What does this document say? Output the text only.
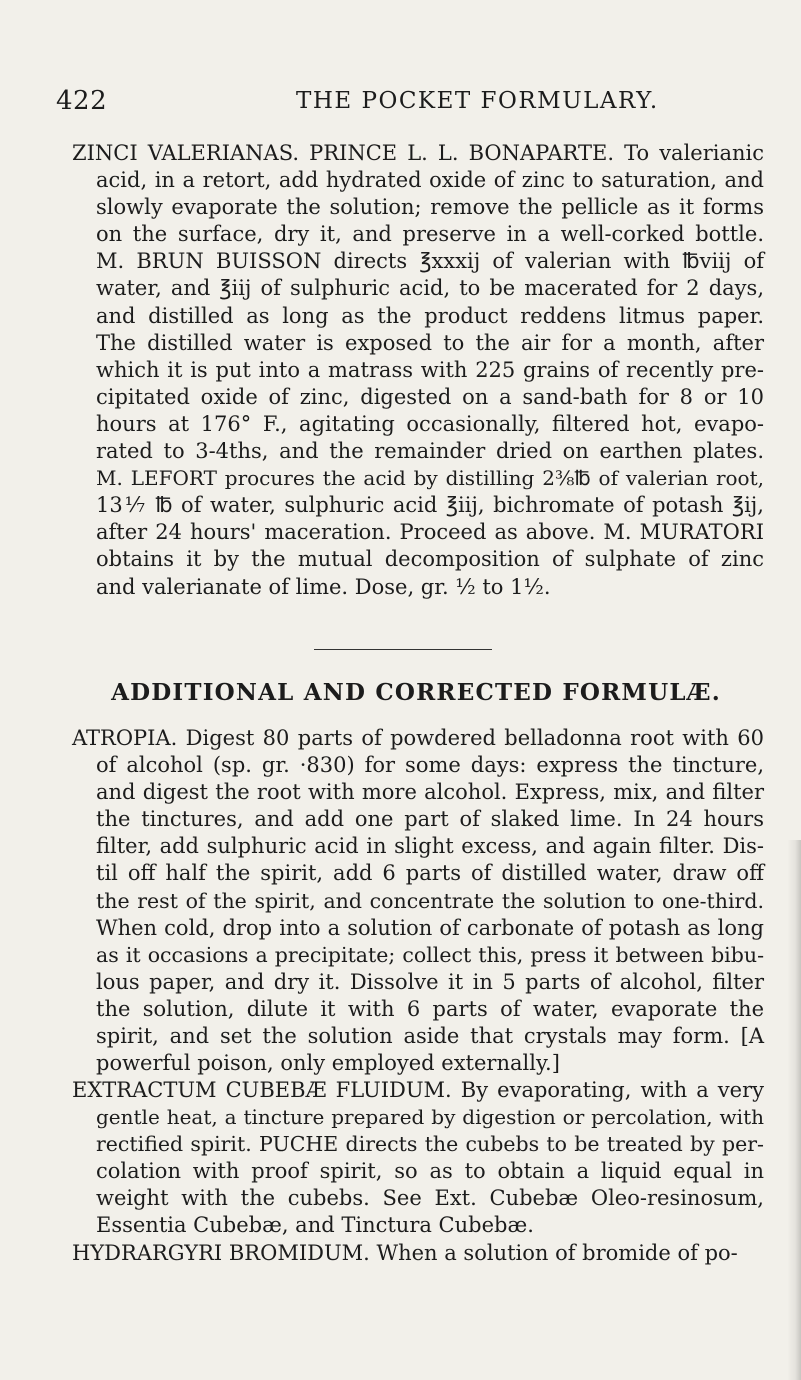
422	THE POCKET FORMULARY.
ZINCI VALERIANAS. PRINCE L. L. BONAPARTE. To valerianic
acid, in a retort, add hydrated oxide of zinc to saturation, and
slowly evaporate the solution; remove the pellicle as it forms
on the surface, dry it, and preserve in a well-corked bottle.
M. BRUN BUISSON directs ℥xxxij of valerian with ℔viij of
water, and ℥iij of sulphuric acid, to be macerated for 2 days,
and distilled as long as the product reddens litmus paper.
The distilled water is exposed to the air for a month, after
which it is put into a matrass with 225 grains of recently pre-
cipitated oxide of zinc, digested on a sand-bath for 8 or 10
hours at 176° F., agitating occasionally, filtered hot, evapo-
rated to 3-4ths, and the remainder dried on earthen plates.
M. LEFORT procures the acid by distilling 2⅜℔ of valerian root,
13⅐ ℔ of water, sulphuric acid ℥iij, bichromate of potash ℥ij,
after 24 hours' maceration. Proceed as above. M. MURATORI
obtains it by the mutual decomposition of sulphate of zinc
and valerianate of lime. Dose, gr. ½ to 1½.
ADDITIONAL AND CORRECTED FORMULÆ.
ATROPIA. Digest 80 parts of powdered belladonna root with 60
of alcohol (sp. gr. ·830) for some days: express the tincture,
and digest the root with more alcohol. Express, mix, and filter
the tinctures, and add one part of slaked lime. In 24 hours
filter, add sulphuric acid in slight excess, and again filter. Dis-
til off half the spirit, add 6 parts of distilled water, draw off
the rest of the spirit, and concentrate the solution to one-third.
When cold, drop into a solution of carbonate of potash as long
as it occasions a precipitate; collect this, press it between bibu-
lous paper, and dry it. Dissolve it in 5 parts of alcohol, filter
the solution, dilute it with 6 parts of water, evaporate the
spirit, and set the solution aside that crystals may form. [A
powerful poison, only employed externally.]
EXTRACTUM CUBEBÆ FLUIDUM. By evaporating, with a very
gentle heat, a tincture prepared by digestion or percolation, with
rectified spirit. PUCHE directs the cubebs to be treated by per-
colation with proof spirit, so as to obtain a liquid equal in
weight with the cubebs. See Ext. Cubebæ Oleo-resinosum,
Essentia Cubebæ, and Tinctura Cubebæ.
HYDRARGYRI BROMIDUM. When a solution of bromide of po-
